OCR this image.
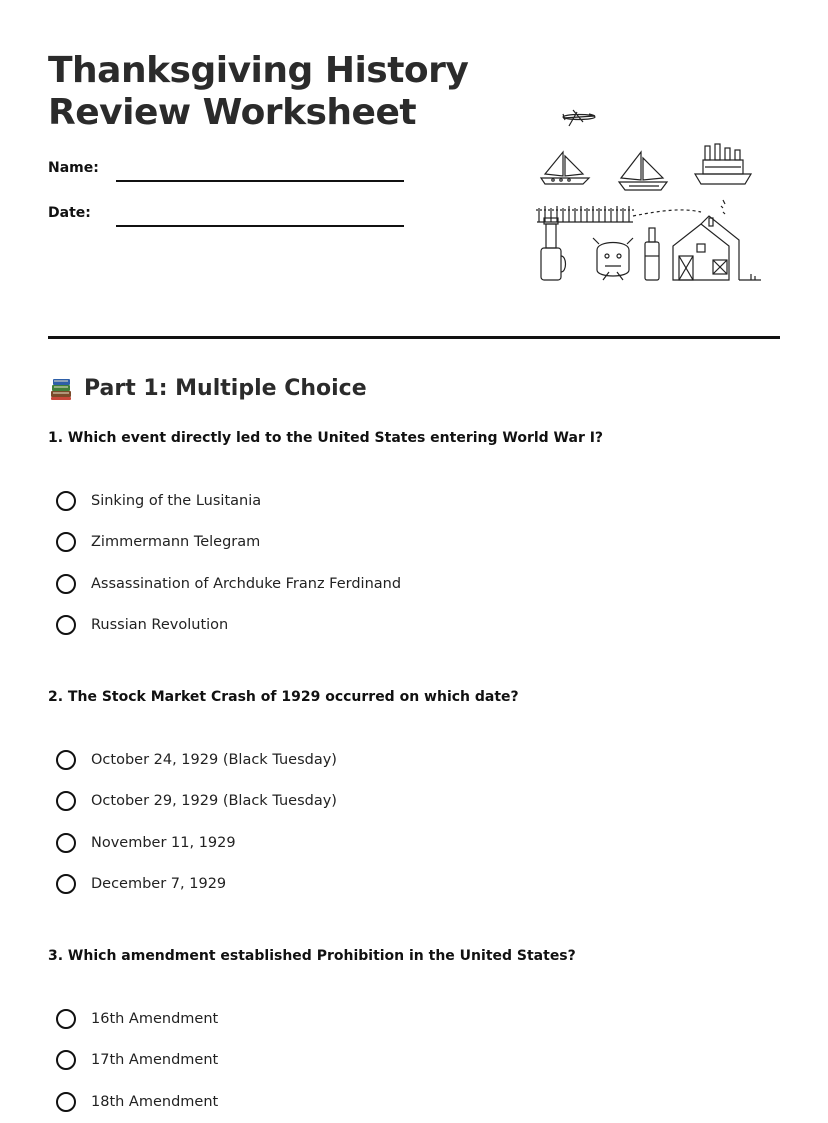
Thanksgiving History
Review Worksheet
Name:
Date:
Part 1: Multiple Choice

1. Which event directly led to the United States entering World War I?

Sinking of the Lusitania
Zimmermann Telegram
Assassination of Archduke Franz Ferdinand
Russian Revolution

2. The Stock Market Crash of 1929 occurred on which date?

October 24, 1929 (Black Tuesday)
October 29, 1929 (Black Tuesday)
November 11, 1929
December 7, 1929

3. Which amendment established Prohibition in the United States?

16th Amendment
17th Amendment
18th Amendment
